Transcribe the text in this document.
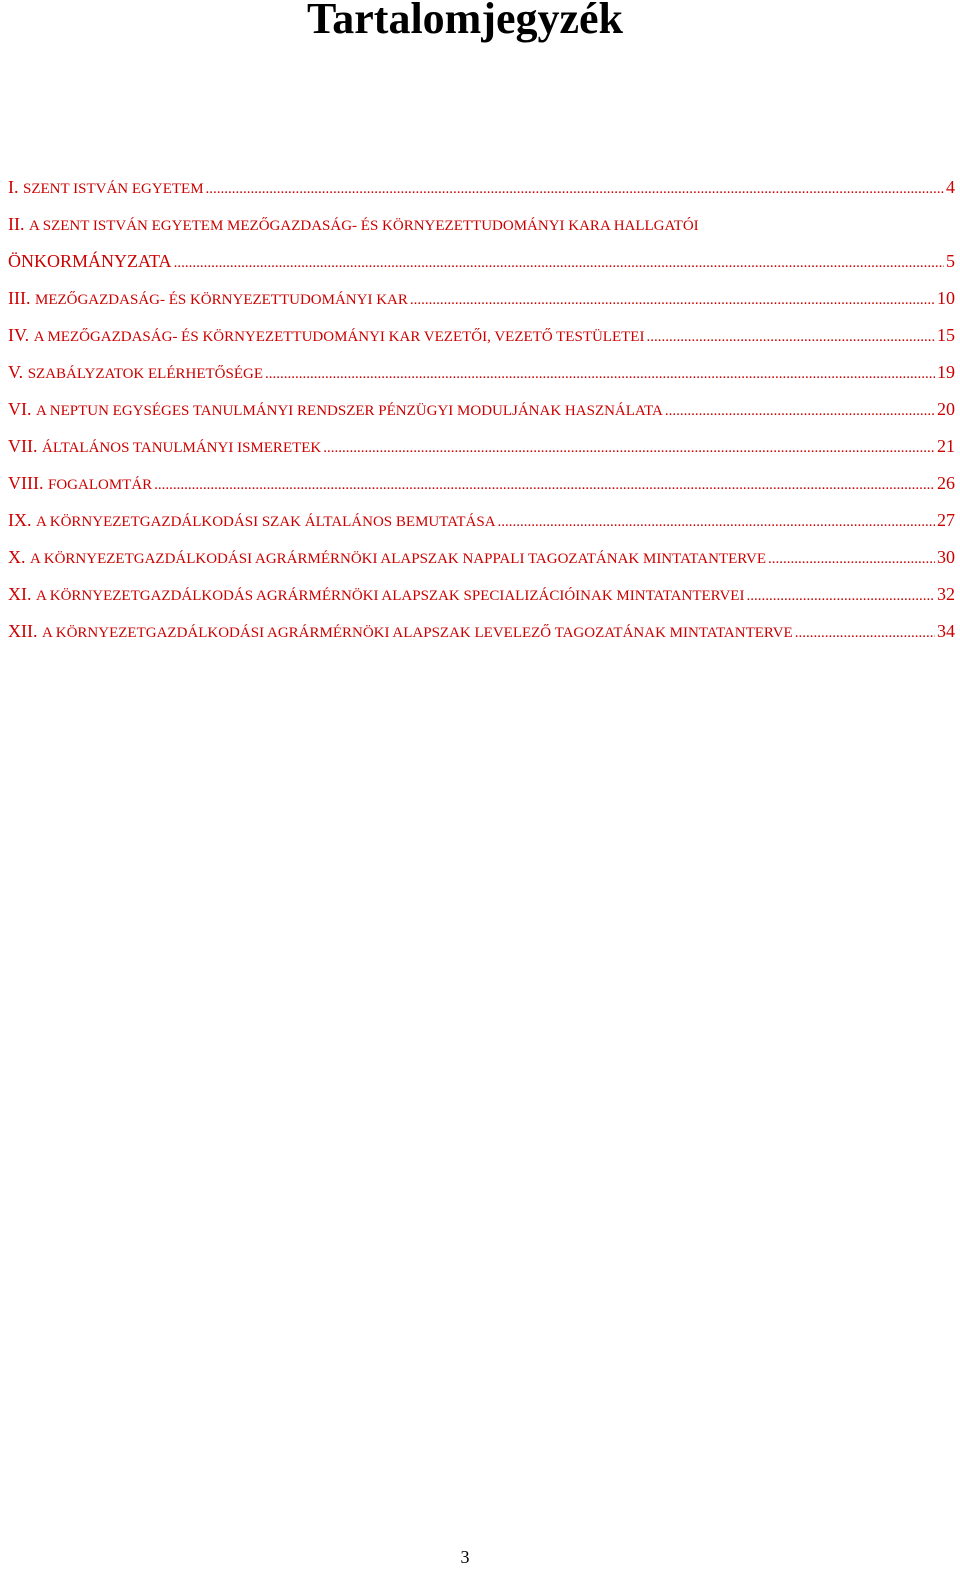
Tartalomjegyzék
I. SZENT ISTVÁN EGYETEM .....	4
II. A SZENT ISTVÁN EGYETEM MEZŐGAZDASÁG- ÉS KÖRNYEZETTUDOMÁNYI KARA HALLGATÓI
ÖNKORMÁNYZATA .....	5
III. MEZŐGAZDASÁG- ÉS KÖRNYEZETTUDOMÁNYI KAR .....	10
IV. A MEZŐGAZDASÁG- ÉS KÖRNYEZETTUDOMÁNYI KAR VEZETŐI, VEZETŐ TESTÜLETEI .....	15
V. SZABÁLYZATOK ELÉRHETŐSÉGE .....	19
VI. A NEPTUN EGYSÉGES TANULMÁNYI RENDSZER PÉNZÜGYI MODULJÁNAK HASZNÁLATA .....	20
VII. ÁLTALÁNOS TANULMÁNYI ISMERETEK .....	21
VIII. FOGALOMTÁR .....	26
IX. A KÖRNYEZETGAZDÁLKODÁSI SZAK ÁLTALÁNOS BEMUTATÁSA .....	27
X. A KÖRNYEZETGAZDÁLKODÁSI AGRÁRMÉRNÖKI ALAPSZAK NAPPALI TAGOZATÁNAK MINTATANTERVE .....	30
XI. A KÖRNYEZETGAZDÁLKODÁS AGRÁRMÉRNÖKI ALAPSZAK SPECIALIZÁCIÓINAK MINTATANTERVEI .....	32
XII. A KÖRNYEZETGAZDÁLKODÁSI AGRÁRMÉRNÖKI ALAPSZAK LEVELEZŐ TAGOZATÁNAK MINTATANTERVE .....	34
3
